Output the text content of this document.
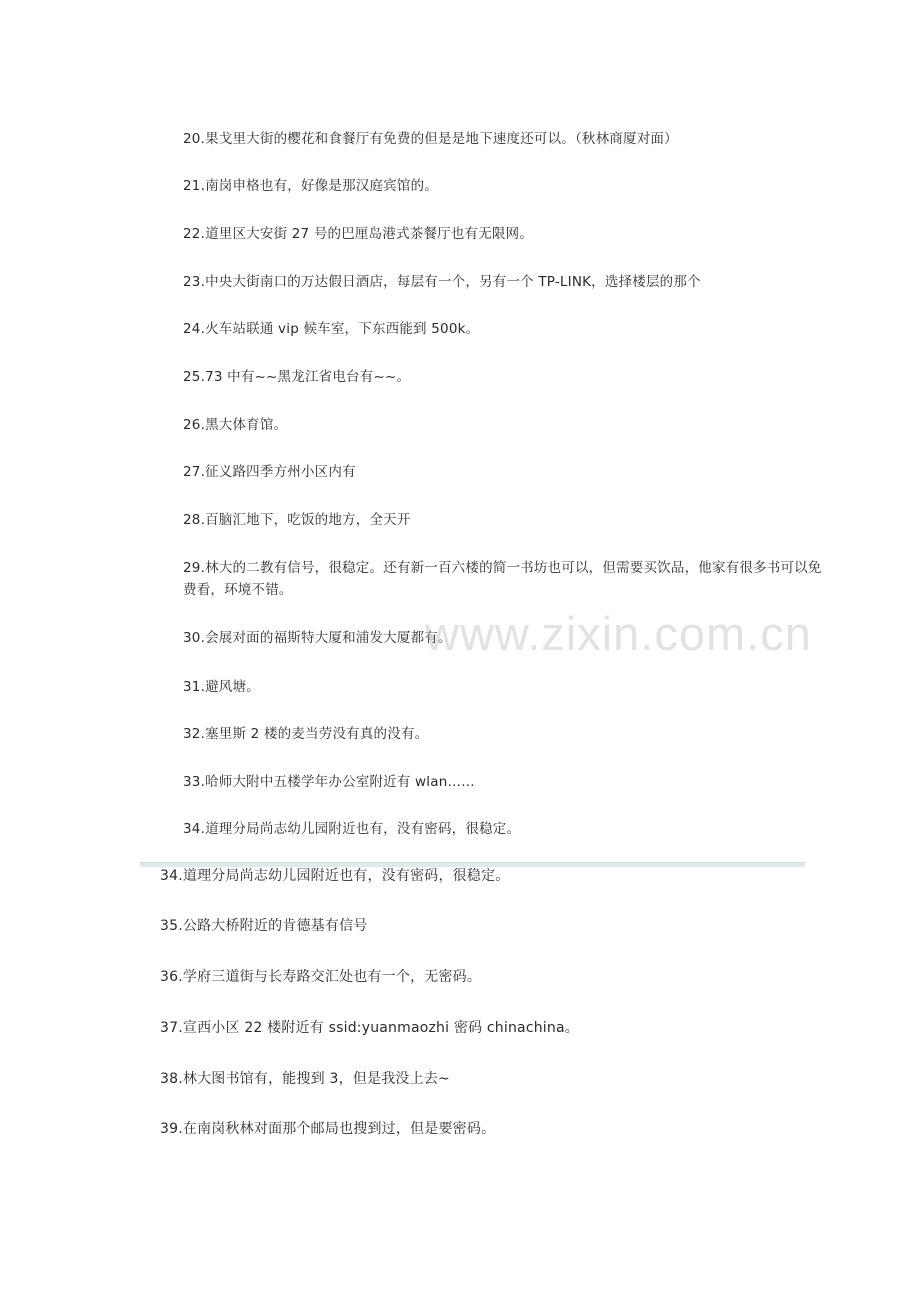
20.果戈里大街的樱花和食餐厅有免费的但是是地下速度还可以。（秋林商厦对面）
21.南岗申格也有，好像是那汉庭宾馆的。
22.道里区大安街 27 号的巴厘岛港式茶餐厅也有无限网。
23.中央大街南口的万达假日酒店，每层有一个，另有一个 TP-LINK，选择楼层的那个
24.火车站联通 vip 候车室，下东西能到 500k。
25.73 中有~~黑龙江省电台有~~。
26.黑大体育馆。
27.征义路四季方州小区内有
28.百脑汇地下，吃饭的地方，全天开
29.林大的二教有信号，很稳定。还有新一百六楼的简一书坊也可以，但需要买饮品，他家有很多书可以免费看，环境不错。
30.会展对面的福斯特大厦和浦发大厦都有。
31.避风塘。
32.塞里斯 2 楼的麦当劳没有真的没有。
33.哈师大附中五楼学年办公室附近有 wlan……
34.道理分局尚志幼儿园附近也有，没有密码，很稳定。
34.道理分局尚志幼儿园附近也有，没有密码，很稳定。
35.公路大桥附近的肯德基有信号
36.学府三道街与长寿路交汇处也有一个，无密码。
37.宣西小区 22 楼附近有 ssid:yuanmaozhi 密码 chinachina。
38.林大图书馆有，能搜到 3，但是我没上去~
39.在南岗秋林对面那个邮局也搜到过，但是要密码。
www.zixin.com.cn
